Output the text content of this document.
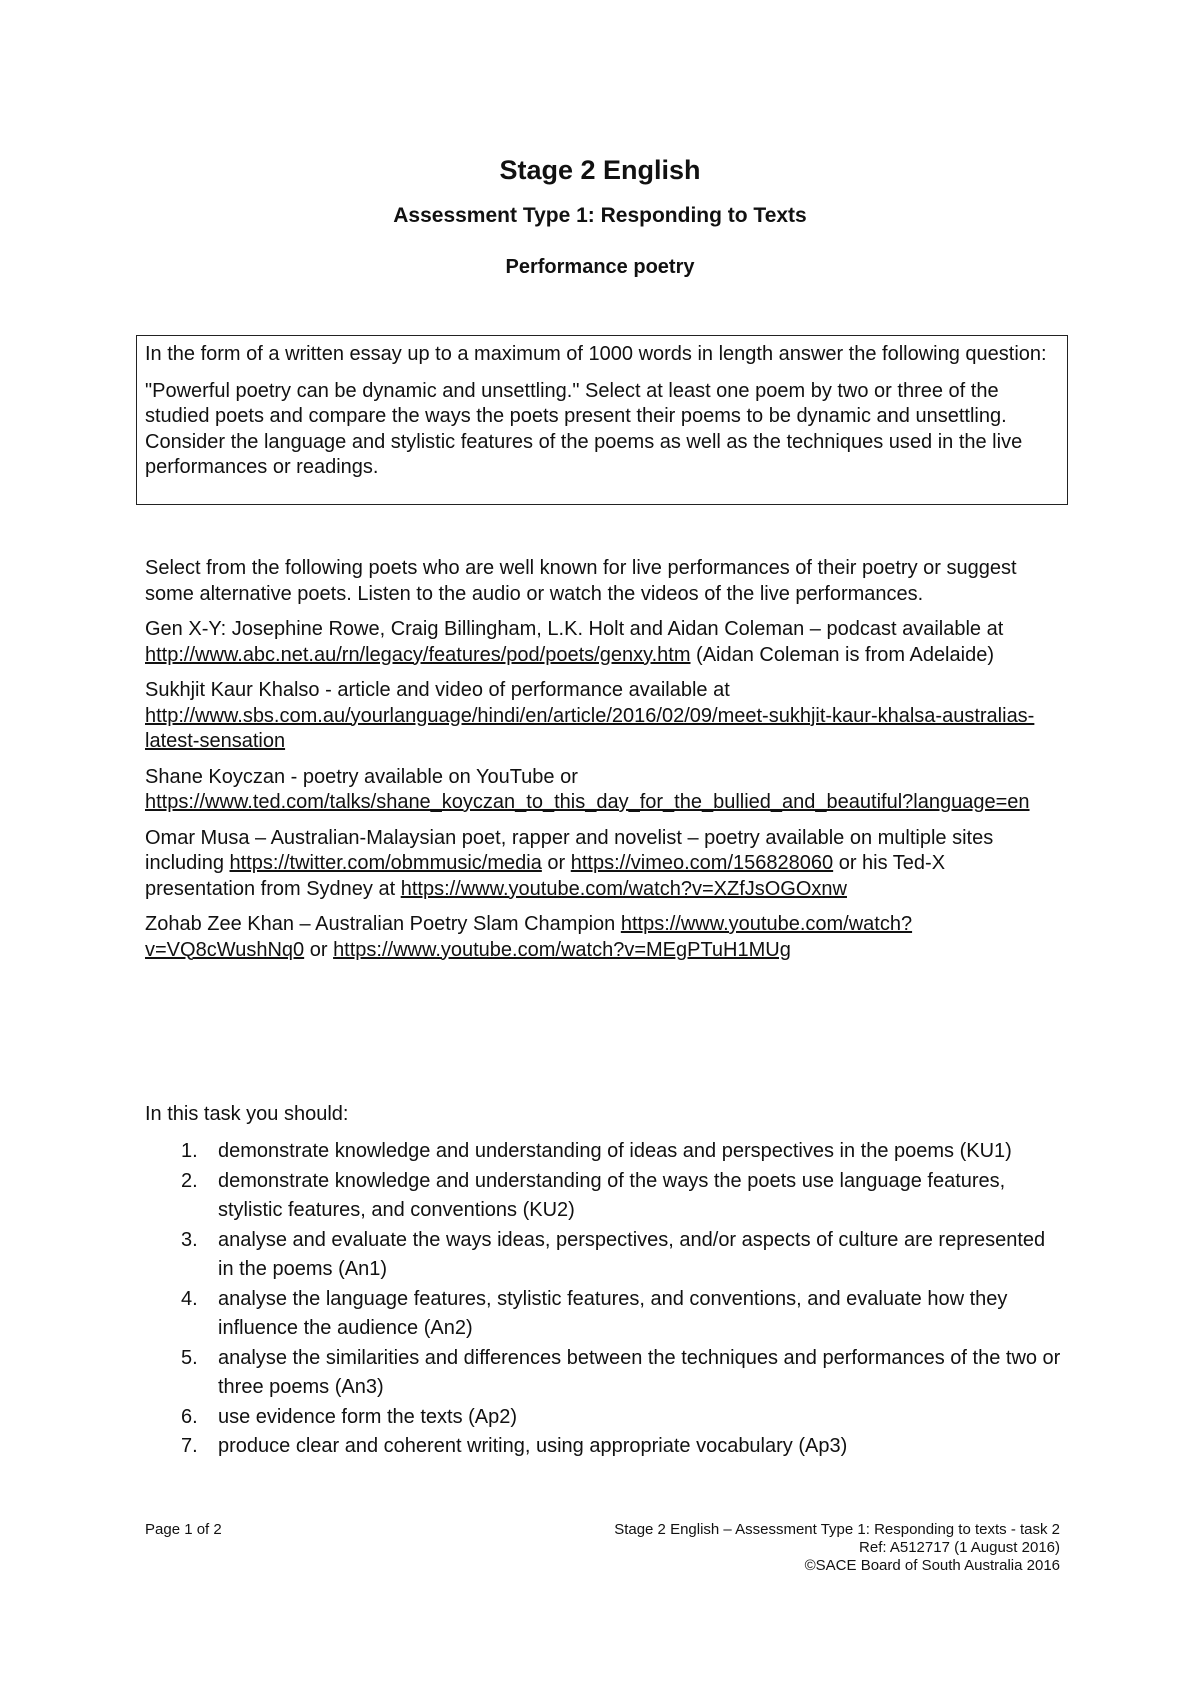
Stage 2 English
Assessment Type 1: Responding to Texts
Performance poetry

In the form of a written essay up to a maximum of 1000 words in length answer the following question:

"Powerful poetry can be dynamic and unsettling." Select at least one poem by two or three of the studied poets and compare the ways the poets present their poems to be dynamic and unsettling. Consider the language and stylistic features of the poems as well as the techniques used in the live performances or readings.

Select from the following poets who are well known for live performances of their poetry or suggest some alternative poets. Listen to the audio or watch the videos of the live performances.

Gen X-Y: Josephine Rowe, Craig Billingham, L.K. Holt and Aidan Coleman – podcast available at http://www.abc.net.au/rn/legacy/features/pod/poets/genxy.htm (Aidan Coleman is from Adelaide)

Sukhjit Kaur Khalso - article and video of performance available at http://www.sbs.com.au/yourlanguage/hindi/en/article/2016/02/09/meet-sukhjit-kaur-khalsa-australias-latest-sensation

Shane Koyczan - poetry available on YouTube or https://www.ted.com/talks/shane_koyczan_to_this_day_for_the_bullied_and_beautiful?language=en

Omar Musa – Australian-Malaysian poet, rapper and novelist – poetry available on multiple sites including https://twitter.com/obmmusic/media or https://vimeo.com/156828060 or his Ted-X presentation from Sydney at https://www.youtube.com/watch?v=XZfJsOGOxnw

Zohab Zee Khan – Australian Poetry Slam Champion https://www.youtube.com/watch?v=VQ8cWushNq0 or https://www.youtube.com/watch?v=MEgPTuH1MUg

In this task you should:
1. demonstrate knowledge and understanding of ideas and perspectives in the poems (KU1)
2. demonstrate knowledge and understanding of the ways the poets use language features, stylistic features, and conventions (KU2)
3. analyse and evaluate the ways ideas, perspectives, and/or aspects of culture are represented in the poems (An1)
4. analyse the language features, stylistic features, and conventions, and evaluate how they influence the audience (An2)
5. analyse the similarities and differences between the techniques and performances of the two or three poems (An3)
6. use evidence form the texts (Ap2)
7. produce clear and coherent writing, using appropriate vocabulary (Ap3)
Page 1 of 2	Stage 2 English – Assessment Type 1: Responding to texts - task 2
Ref: A512717 (1 August 2016)
©SACE Board of South Australia 2016
